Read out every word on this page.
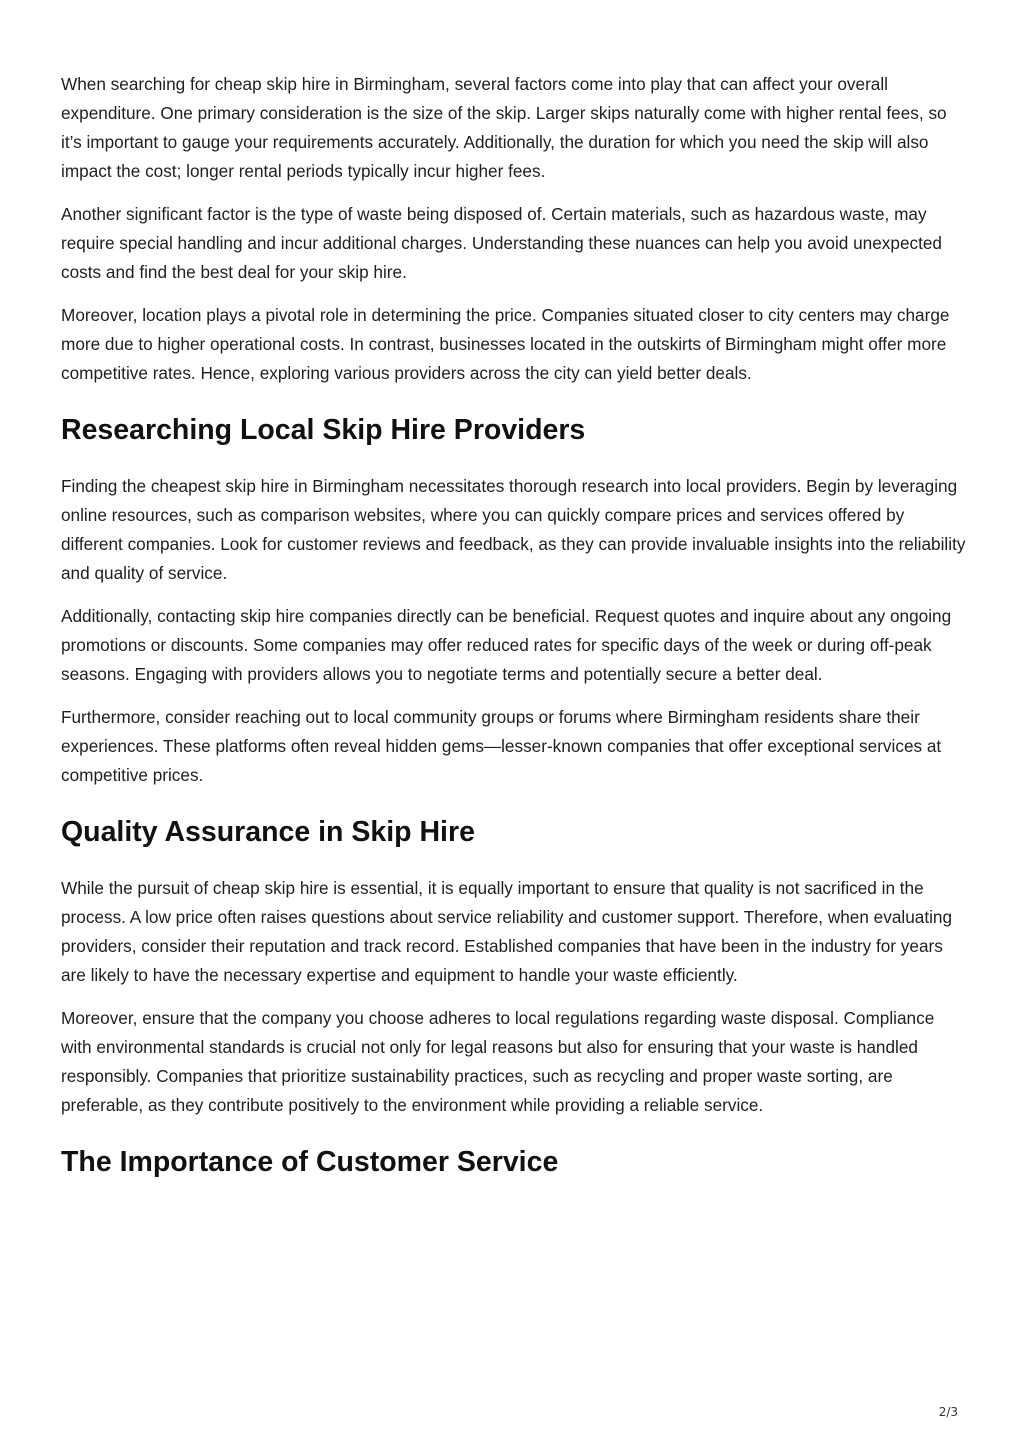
When searching for cheap skip hire in Birmingham, several factors come into play that can affect your overall expenditure. One primary consideration is the size of the skip. Larger skips naturally come with higher rental fees, so it’s important to gauge your requirements accurately. Additionally, the duration for which you need the skip will also impact the cost; longer rental periods typically incur higher fees.

Another significant factor is the type of waste being disposed of. Certain materials, such as hazardous waste, may require special handling and incur additional charges. Understanding these nuances can help you avoid unexpected costs and find the best deal for your skip hire.

Moreover, location plays a pivotal role in determining the price. Companies situated closer to city centers may charge more due to higher operational costs. In contrast, businesses located in the outskirts of Birmingham might offer more competitive rates. Hence, exploring various providers across the city can yield better deals.

Researching Local Skip Hire Providers

Finding the cheapest skip hire in Birmingham necessitates thorough research into local providers. Begin by leveraging online resources, such as comparison websites, where you can quickly compare prices and services offered by different companies. Look for customer reviews and feedback, as they can provide invaluable insights into the reliability and quality of service.

Additionally, contacting skip hire companies directly can be beneficial. Request quotes and inquire about any ongoing promotions or discounts. Some companies may offer reduced rates for specific days of the week or during off-peak seasons. Engaging with providers allows you to negotiate terms and potentially secure a better deal.

Furthermore, consider reaching out to local community groups or forums where Birmingham residents share their experiences. These platforms often reveal hidden gems—lesser-known companies that offer exceptional services at competitive prices.

Quality Assurance in Skip Hire

While the pursuit of cheap skip hire is essential, it is equally important to ensure that quality is not sacrificed in the process. A low price often raises questions about service reliability and customer support. Therefore, when evaluating providers, consider their reputation and track record. Established companies that have been in the industry for years are likely to have the necessary expertise and equipment to handle your waste efficiently.

Moreover, ensure that the company you choose adheres to local regulations regarding waste disposal. Compliance with environmental standards is crucial not only for legal reasons but also for ensuring that your waste is handled responsibly. Companies that prioritize sustainability practices, such as recycling and proper waste sorting, are preferable, as they contribute positively to the environment while providing a reliable service.

The Importance of Customer Service
2/3
